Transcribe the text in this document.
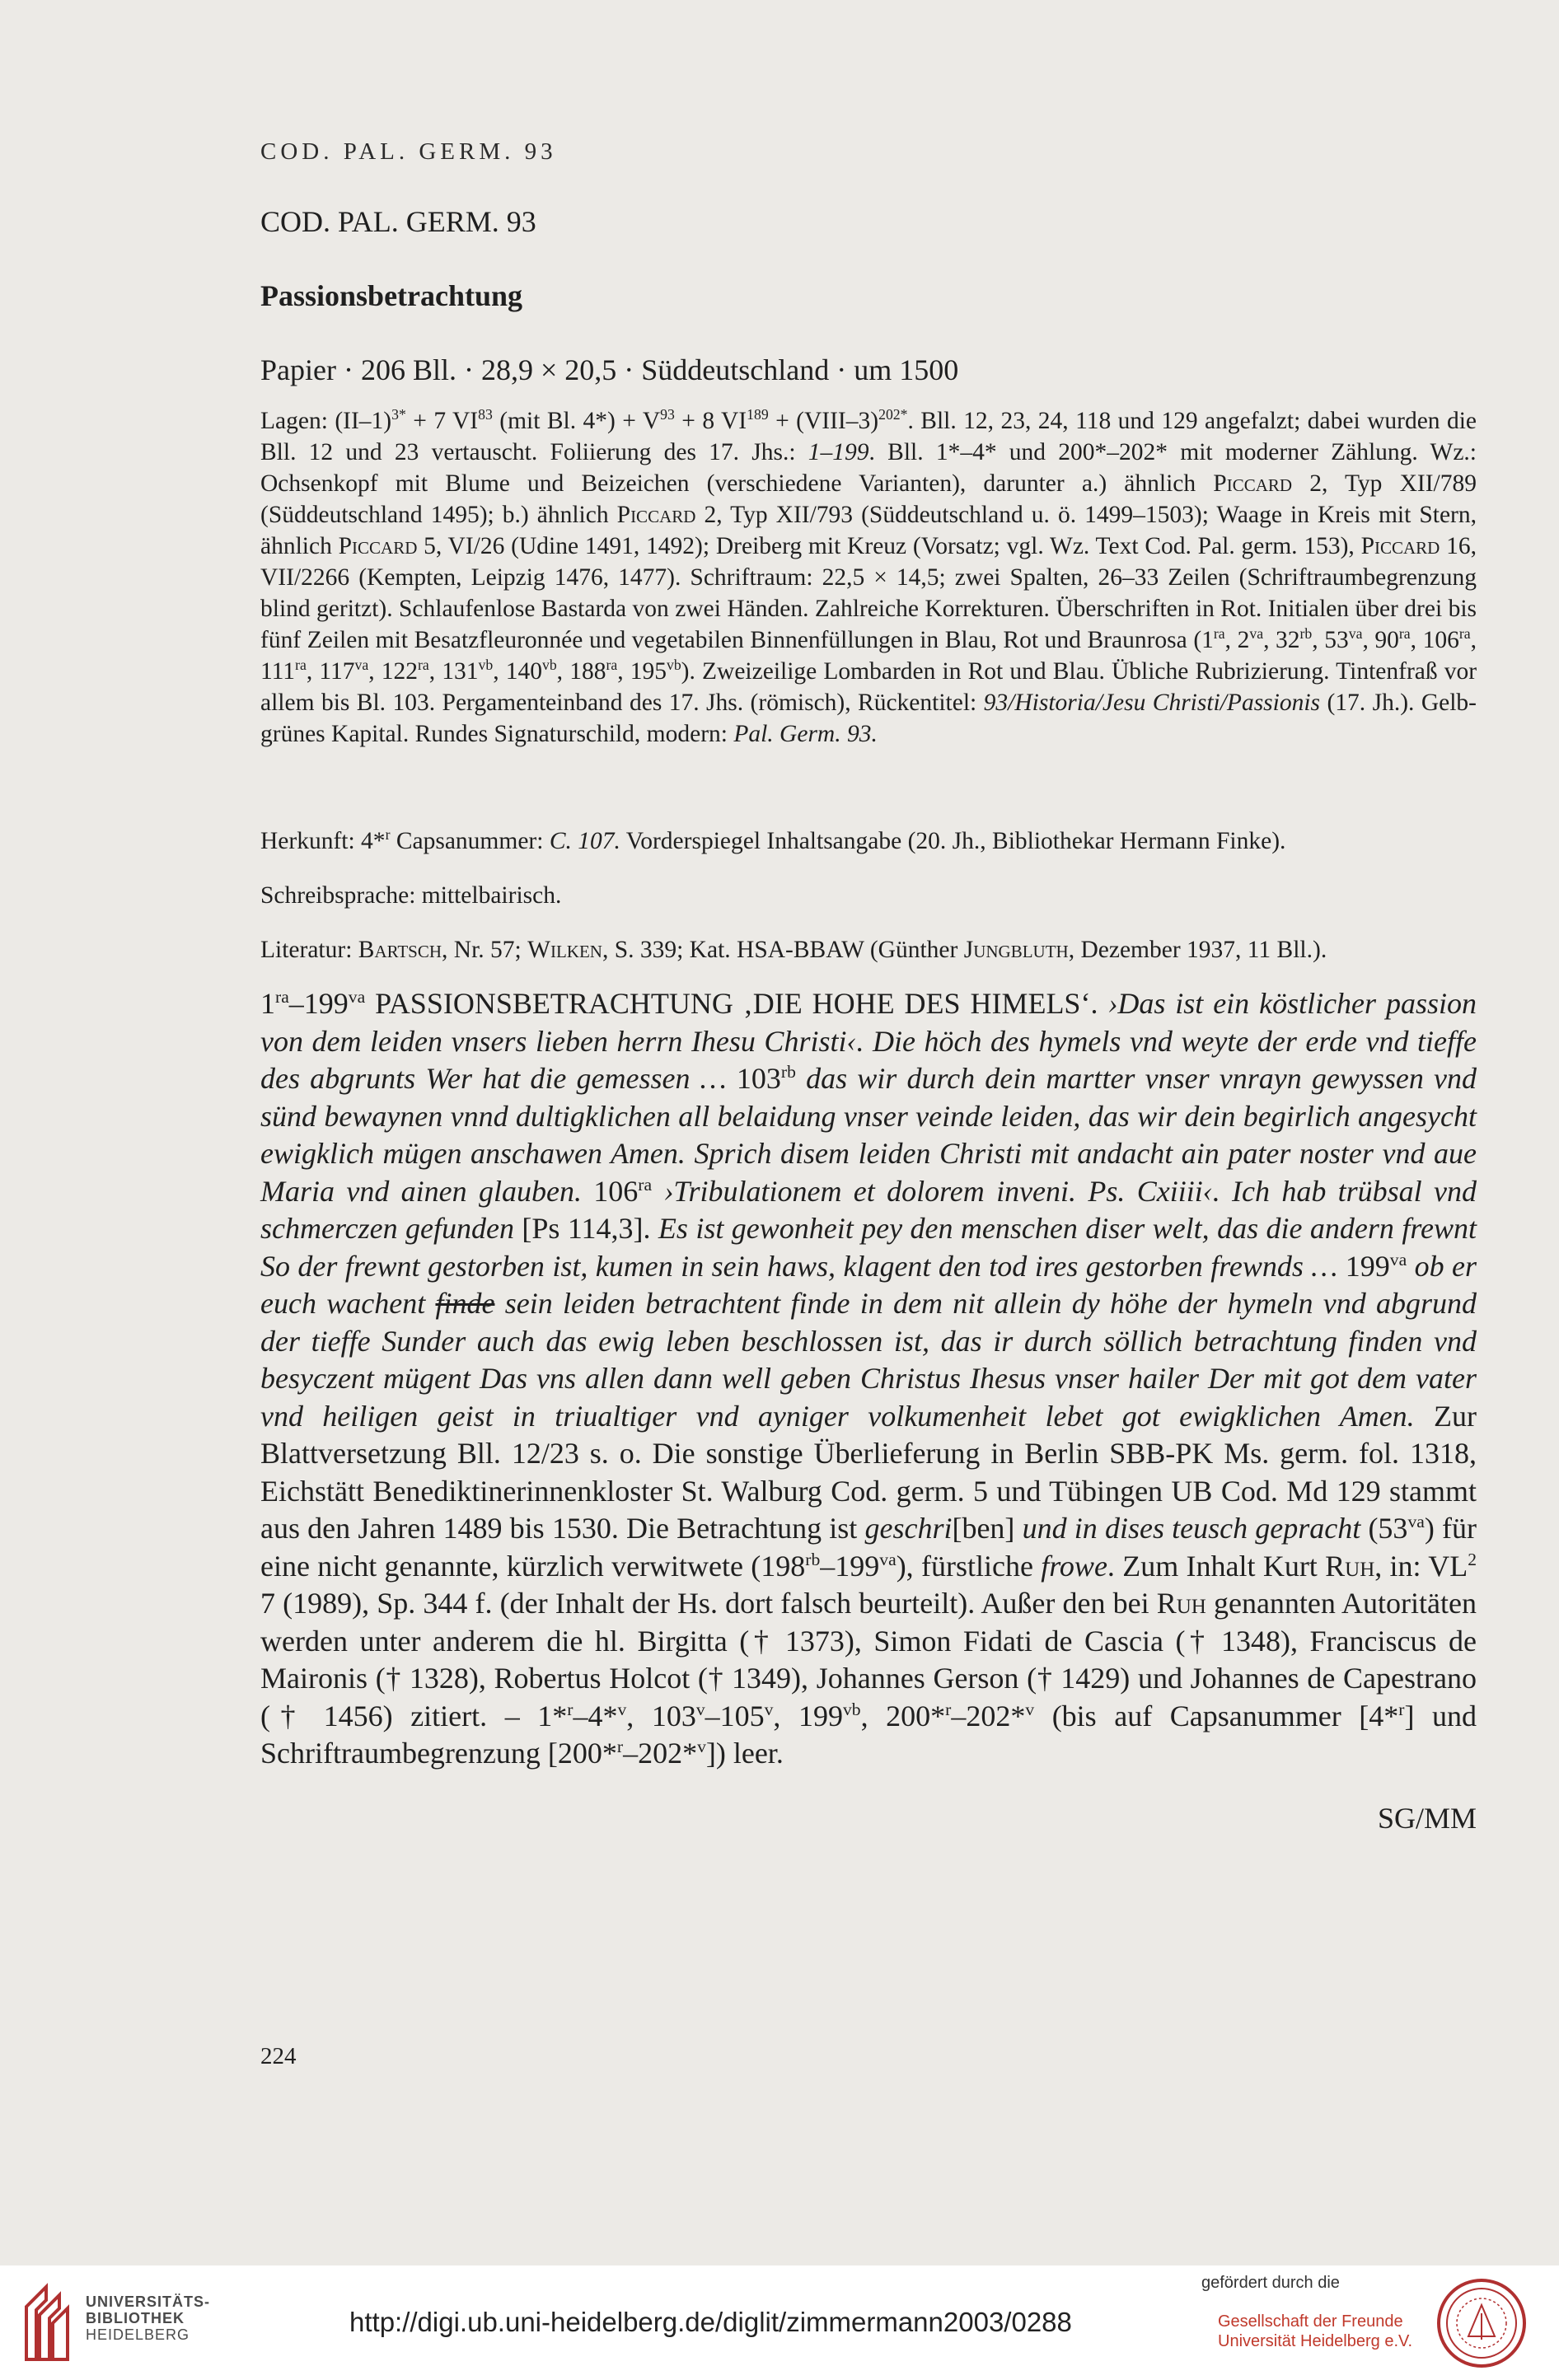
COD. PAL. GERM. 93
COD. PAL. GERM. 93
Passionsbetrachtung
Papier · 206 Bll. · 28,9 × 20,5 · Süddeutschland · um 1500

Lagen: $(II-1)^{3*} + 7$ VI$^{83}$ (mit Bl. $4*) + V^{93} + 8$ $VI^{189}$ + (VIII–3)$^{202*}$. Bll. 12, 23, 24, 118 und 129 angefalzt; dabei wurden die Bll. 12 und 23 vertauscht. Foliierung des 17. Jhs.: 1–199. Bll. 1*–4* und 200*–202* mit moderner Zählung. Wz.: Ochsenkopf mit Blume und Beizeichen (verschiedene Varianten), darunter a.) ähnlich Piccard 2, Typ XII/789 (Süddeutschland 1495); b.) ähnlich Piccard 2, Typ XII/793 (Süddeutschland u. ö. 1499–1503); Waage in Kreis mit Stern, ähnlich Piccard 5, VI/26 (Udine 1491, 1492); Dreiberg mit Kreuz (Vorsatz; vgl. Wz. Text Cod. Pal. germ. 153), Piccard 16, VII/2266 (Kempten, Leipzig 1476, 1477). Schriftraum: 22,5 × 14,5; zwei Spalten, 26–33 Zeilen (Schriftraumbegrenzung blind geritzt). Schlaufenlose Bastarda von zwei Händen. Zahlreiche Korrekturen. Überschriften in Rot. Initialen über drei bis fünf Zeilen mit Besatzfleuronnée und vegetabilen Binnenfüllungen in Blau, Rot und Braunrosa ($1^{ra}$, $2^{va}$, $32^{rb}$, $53^{va}$, $90^{ra}$, $106^{ra}$, $111^{ra}$, $117^{va}$, $122^{ra}$, $131^{vb}$, $140^{vb}$, $188^{ra}$, $195^{vb}$). Zweizeilige Lombarden in Rot und Blau. Übliche Rubrizierung. Tintenfraß vor allem bis Bl. 103. Pergamenteinband des 17. Jhs. (römisch), Rückentitel: 93/Historia/Jesu Christi/Passionis (17. Jh.). Gelb-grünes Kapital. Rundes Signaturschild, modern: Pal. Germ. 93.

Herkunft: 4*$^r$ Capsanummer: C. 107. Vorderspiegel Inhaltsangabe (20. Jh., Bibliothekar Hermann Finke).

Schreibsprache: mittelbairisch.

Literatur: Bartsch, Nr. 57; Wilken, S. 339; Kat. HSA-BBAW (Günther Jungbluth, Dezember 1937, 11 Bll.).

$1^{ra}-199^{va}$ PASSIONSBETRACHTUNG ‚DIE HOHE DES HIMELS‘. ›Das ist ein köstlicher passion von dem leiden vnsers lieben herrn Ihesu Christi‹. Die höch des hymels vnd weyte der erde vnd tieffe des abgrunts Wer hat die gemessen … $103^{rb}$ das wir durch dein martter vnser vnrayn gewyssen vnd sünd bewaynen vnnd dultigklichen all belaidung vnser veinde leiden, das wir dein begirlich angesycht ewigklich mügen anschawen Amen. Sprich disem leiden Christi mit andacht ain pater noster vnd aue Maria vnd ainen glauben. $106^{ra}$ ›Tribulationem et dolorem inveni. Ps. Cxiiii‹. Ich hab trübsal vnd schmerczen gefunden [Ps 114,3]. Es ist gewonheit pey den menschen diser welt, das die andern frewnt So der frewnt gestorben ist, kumen in sein haws, klagent den tod ires gestorben frewnds … $199^{va}$ ob er euch wachent finde sein leiden betrachtent finde in dem nit allein dy höhe der hymeln vnd abgrund der tieffe Sunder auch das ewig leben beschlossen ist, das ir durch söllich betrachtung finden vnd besyczent mügent Das vns allen dann well geben Christus Ihesus vnser hailer Der mit got dem vater vnd heiligen geist in triualtiger vnd ayniger volkumenheit lebet got ewigklichen Amen. Zur Blattversetzung Bll. 12/23 s. o. Die sonstige Überlieferung in Berlin SBB-PK Ms. germ. fol. 1318, Eichstätt Benediktinerinnenkloster St. Walburg Cod. germ. 5 und Tübingen UB Cod. Md 129 stammt aus den Jahren 1489 bis 1530. Die Betrachtung ist geschri[ben] und in dises teusch gepracht $(53^{va})$ für eine nicht genannte, kürzlich verwitwete $(198^{rb}-199^{va})$, fürstliche frowe. Zum Inhalt Kurt Ruh, in: $VL^2$ 7 (1989), Sp. 344 f. (der Inhalt der Hs. dort falsch beurteilt). Außer den bei Ruh genannten Autoritäten werden unter anderem die hl. Birgitta († 1373), Simon Fidati de Cascia († 1348), Franciscus de Maironis († 1328), Robertus Holcot († 1349), Johannes Gerson († 1429) und Johannes de Capestrano († 1456) zitiert. – 1*$^r$–4*$^v$, 103$^v$–105$^v$, $199^{vb}$, 200*$^r$–202*$^v$ (bis auf Capsanummer [4*$^r$] und Schriftraumbegrenzung [200*$^r$–202*$^v$]) leer.
SG/MM
224
UNIVERSITÄTS-
BIBLIOTHEK
HEIDELBERG	http://digi.ub.uni-heidelberg.de/diglit/zimmermann2003/0288
gefördert durch die
Gesellschaft der Freunde
Universität Heidelberg e.V.
